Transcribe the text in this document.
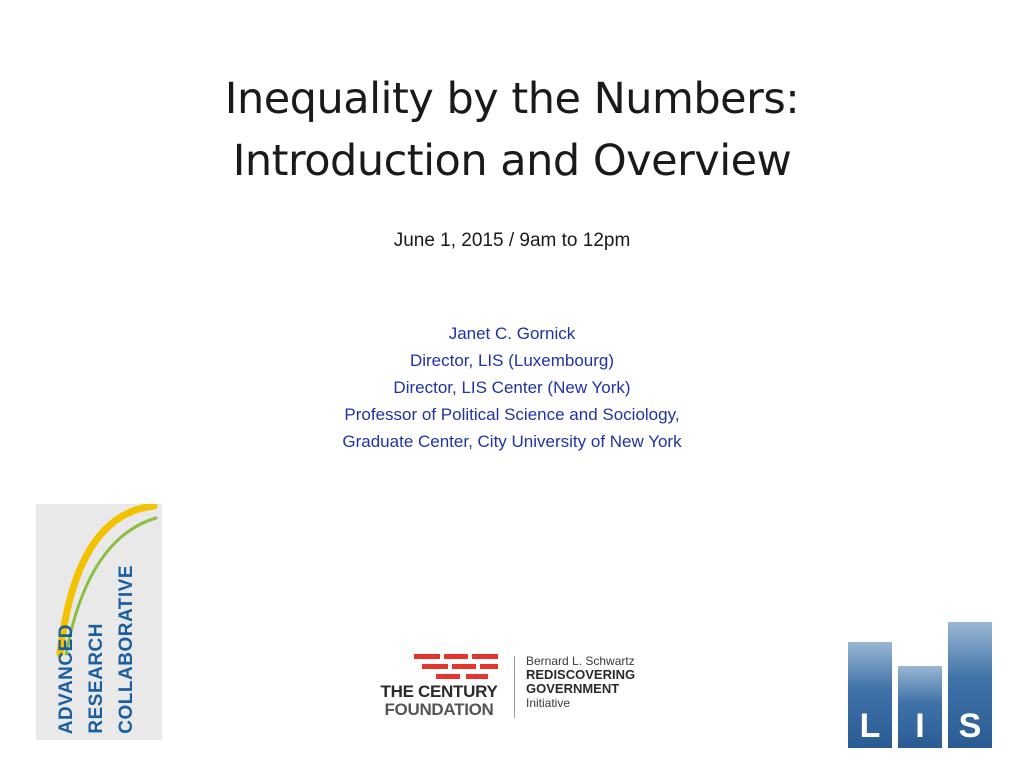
Inequality by the Numbers:
Introduction and Overview
June 1, 2015 / 9am to 12pm
Janet C. Gornick
Director, LIS (Luxembourg)
Director, LIS Center (New York)
Professor of Political Science and Sociology,
Graduate Center, City University of New York
ADVANCED RESEARCH COLLABORATIVE	THE CENTURY
FOUNDATION
Bernard L. Schwartz
REDISCOVERING
GOVERNMENT
Initiative
L	I S
